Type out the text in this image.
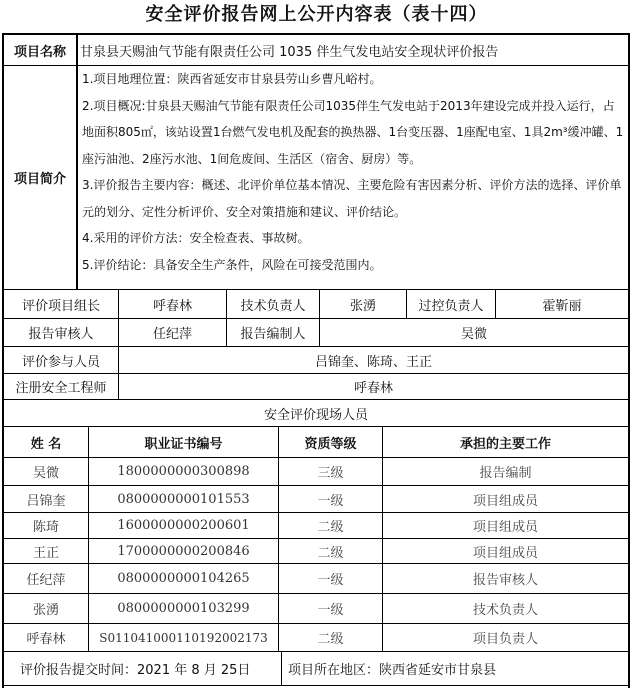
安全评价报告网上公开内容表（表十四）
项目名称	甘泉县天赐油气节能有限责任公司 1035 伴生气发电站安全现状评价报告
项目简介

1.项目地理位置：陕西省延安市甘泉县劳山乡曹凡峪村。

2.项目概况:甘泉县天赐油气节能有限责任公司1035伴生气发电站于2013年建设完成并投入运行，占地面积805㎡，该站设置1台燃气发电机及配套的换热器、1台变压器、1座配电室、1具2m³缓冲罐、1座污油池、2座污水池、1间危废间、生活区（宿舍、厨房）等。

3.评价报告主要内容：概述、北评价单位基本情况、主要危险有害因素分析、评价方法的选择、评价单元的划分、定性分析评价、安全对策措施和建议、评价结论。

4.采用的评价方法：安全检查表、事故树。

5.评价结论：具备安全生产条件，风险在可接受范围内。

评价项目组长	呼春林	技术负责人	张湧	过控负责人	霍靳丽
报告审核人	任纪萍	报告编制人	吴微
评价参与人员	吕锦奎、陈琦、王正
注册安全工程师	呼春林
安全评价现场人员
姓 名	职业证书编号	资质等级	承担的主要工作
吴微	1800000000300898	三级	报告编制
吕锦奎	0800000000101553	一级	项目组成员
陈琦	1600000000200601	二级	项目组成员
王正	1700000000200846	二级	项目组成员
任纪萍	0800000000104265	一级	报告审核人
张湧	0800000000103299	一级	技术负责人
呼春林	S011041000110192002173	二级	项目负责人
评价报告提交时间：2021 年 8 月 25日	项目所在地区：陕西省延安市甘泉县
